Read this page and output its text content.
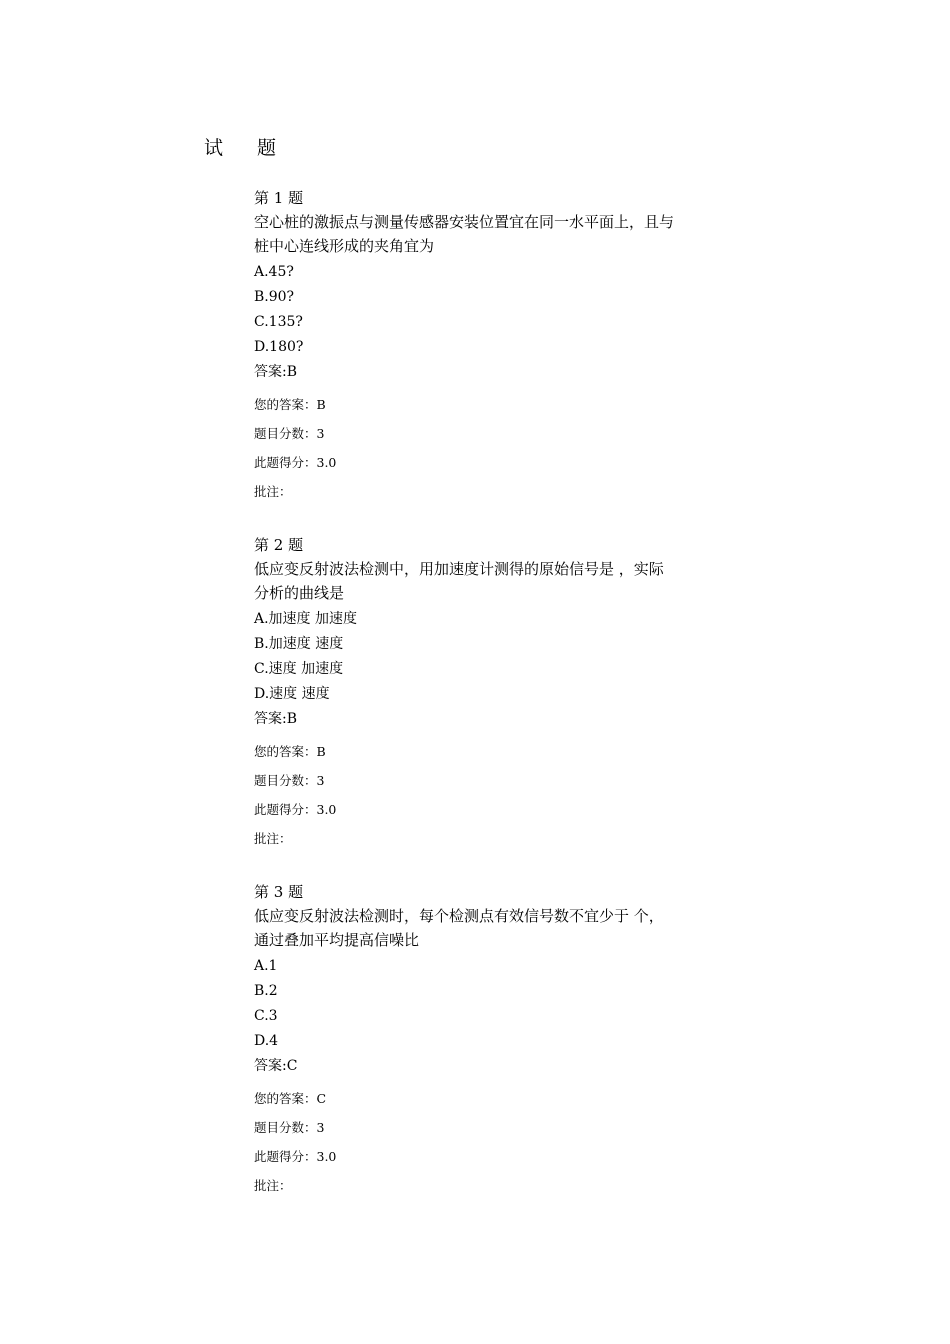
试 题
第 1 题
空心桩的激振点与测量传感器安装位置宜在同一水平面上，且与
桩中心连线形成的夹角宜为
A.45?
B.90?
C.135?
D.180?
答案:B
您的答案：B
题目分数：3
此题得分：3.0
批注：
第 2 题
低应变反射波法检测中，用加速度计测得的原始信号是 ，实际
分析的曲线是
A.加速度 加速度
B.加速度 速度
C.速度 加速度
D.速度 速度
答案:B
您的答案：B
题目分数：3
此题得分：3.0
批注：
第 3 题
低应变反射波法检测时，每个检测点有效信号数不宜少于 个，
通过叠加平均提高信噪比
A.1
B.2
C.3
D.4
答案:C
您的答案：C
题目分数：3
此题得分：3.0
批注：
